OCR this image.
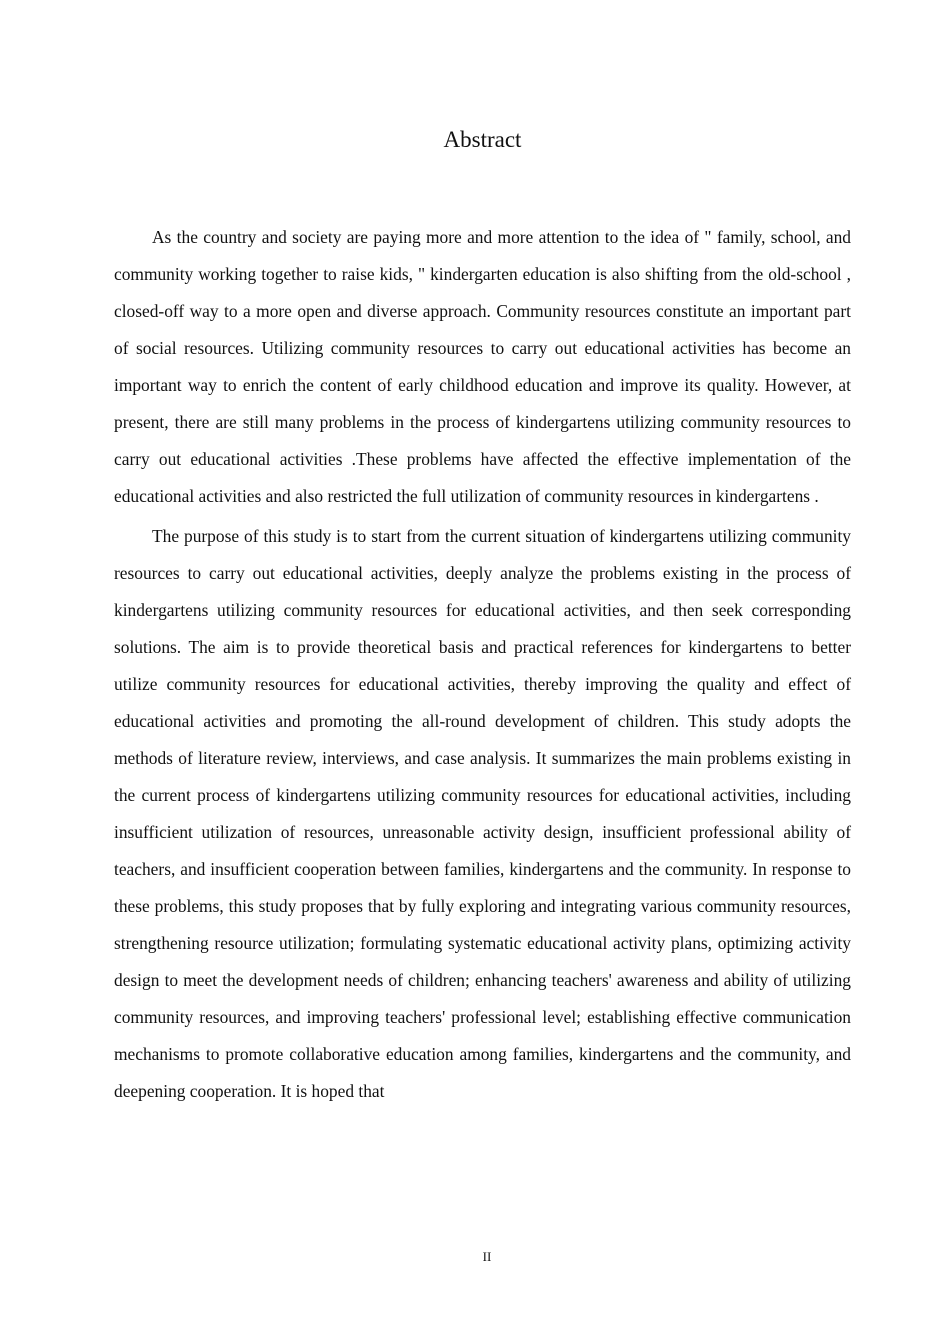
Abstract

As the country and society are paying more and more attention to the idea of " family, school, and community working together to raise kids, " kindergarten education is also shifting from the old-school , closed-off way to a more open and diverse approach. Community resources constitute an important part of social resources. Utilizing community resources to carry out educational activities has become an important way to enrich the content of early childhood education and improve its quality. However, at present, there are still many problems in the process of kindergartens utilizing community resources to carry out educational activities .These problems have affected the effective implementation of the educational activities and also restricted the full utilization of community resources in kindergartens .

The purpose of this study is to start from the current situation of kindergartens utilizing community resources to carry out educational activities, deeply analyze the problems existing in the process of kindergartens utilizing community resources for educational activities, and then seek corresponding solutions. The aim is to provide theoretical basis and practical references for kindergartens to better utilize community resources for educational activities, thereby improving the quality and effect of educational activities and promoting the all-round development of children. This study adopts the methods of literature review, interviews, and case analysis. It summarizes the main problems existing in the current process of kindergartens utilizing community resources for educational activities, including insufficient utilization of resources, unreasonable activity design, insufficient professional ability of teachers, and insufficient cooperation between families, kindergartens and the community. In response to these problems, this study proposes that by fully exploring and integrating various community resources, strengthening resource utilization; formulating systematic educational activity plans, optimizing activity design to meet the development needs of children; enhancing teachers' awareness and ability of utilizing community resources, and improving teachers' professional level; establishing effective communication mechanisms to promote collaborative education among families, kindergartens and the community, and deepening cooperation. It is hoped that

II
